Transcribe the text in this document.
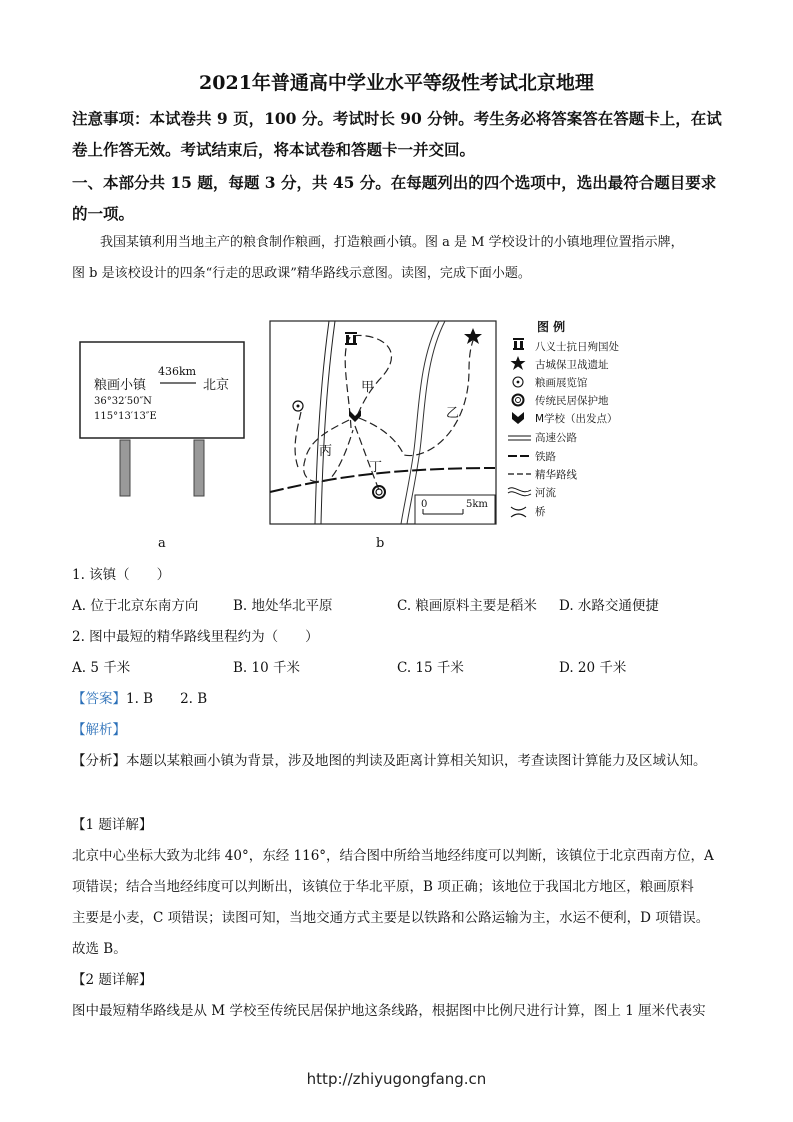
2021年普通高中学业水平等级性考试北京地理
注意事项：本试卷共 9 页，100 分。考试时长 90 分钟。考生务必将答案答在答题卡上，在试
卷上作答无效。考试结束后，将本试卷和答题卡一并交回。
一、本部分共 15 题，每题 3 分，共 45 分。在每题列出的四个选项中，选出最符合题目要求
的一项。
我国某镇利用当地主产的粮食制作粮画，打造粮画小镇。图 a 是 M 学校设计的小镇地理位置指示牌，
图 b 是该校设计的四条“行走的思政课”精华路线示意图。读图，完成下面小题。
436km
粮画小镇	北京
36°32′50″N
115°13′13″E
a
甲
乙
丙
丁
0	5km
b
图 例
八义士抗日殉国处
古城保卫战遗址
粮画展览馆
传统民居保护地
M学校（出发点）
高速公路
铁路
精华路线
河流
桥
1. 该镇（　　）
A. 位于北京东南方向	B. 地处华北平原	C. 粮画原料主要是稻米 D. 水路交通便捷
2. 图中最短的精华路线里程约为（　　）
A. 5 千米	B. 10 千米	C. 15 千米	D. 20 千米
【答案】1. B　　2. B
【解析】
【分析】本题以某粮画小镇为背景，涉及地图的判读及距离计算相关知识，考查读图计算能力及区域认知。
【1 题详解】
北京中心坐标大致为北纬 40°，东经 116°，结合图中所给当地经纬度可以判断，该镇位于北京西南方位，A
项错误；结合当地经纬度可以判断出，该镇位于华北平原，B 项正确；该地位于我国北方地区，粮画原料
主要是小麦，C 项错误；读图可知，当地交通方式主要是以铁路和公路运输为主，水运不便利，D 项错误。
故选 B。
【2 题详解】
图中最短精华路线是从 M 学校至传统民居保护地这条线路，根据图中比例尺进行计算，图上 1 厘米代表实
http://zhiyugongfang.cn
